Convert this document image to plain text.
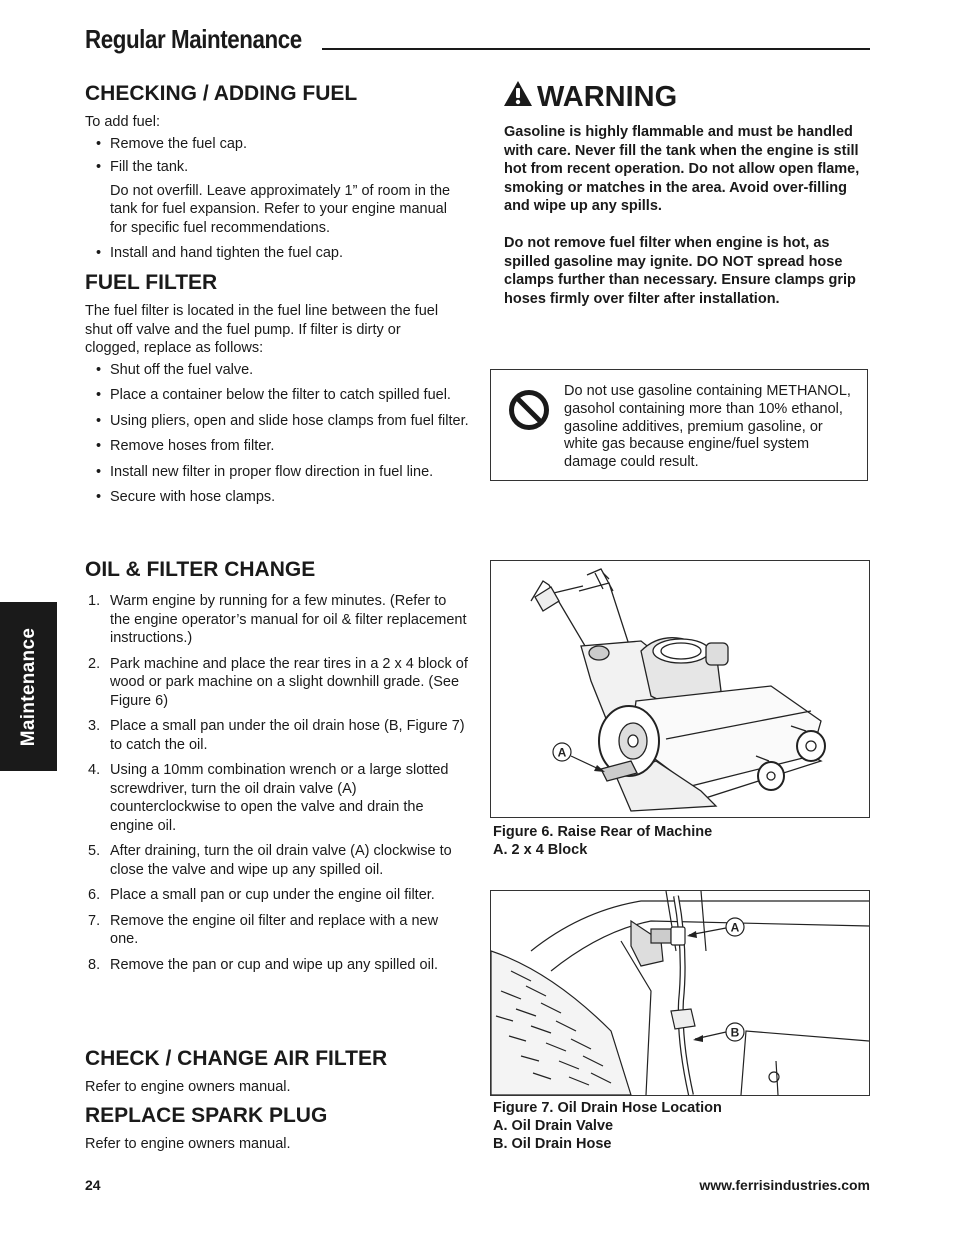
Regular Maintenance
Maintenance
CHECKING / ADDING FUEL

To add fuel:

• Remove the fuel cap.
• Fill the tank.

Do not overfill. Leave approximately 1” of room in the tank for fuel expansion. Refer to your engine manual for specific fuel recommendations.

• Install and hand tighten the fuel cap.
FUEL FILTER

The fuel filter is located in the fuel line between the fuel shut off valve and the fuel pump. If filter is dirty or clogged, replace as follows:

• Shut off the fuel valve.
• Place a container below the filter to catch spilled fuel.
• Using pliers, open and slide hose clamps from fuel filter.
• Remove hoses from filter.
• Install new filter in proper flow direction in fuel line.
• Secure with hose clamps.
OIL & FILTER CHANGE
1. Warm engine by running for a few minutes. (Refer to the engine operator’s manual for oil & filter replacement instructions.)
2. Park machine and place the rear tires in a 2 x 4 block of wood or park machine on a slight downhill grade. (See Figure 6)
3. Place a small pan under the oil drain hose (B, Figure 7) to catch the oil.
4. Using a 10mm combination wrench or a large slotted screwdriver, turn the oil drain valve (A) counterclockwise to open the valve and drain the engine oil.
5. After draining, turn the oil drain valve (A) clockwise to close the valve and wipe up any spilled oil.
6. Place a small pan or cup under the engine oil filter.
7. Remove the engine oil filter and replace with a new one.
8. Remove the pan or cup and wipe up any spilled oil.
CHECK / CHANGE AIR FILTER

Refer to engine owners manual.

REPLACE SPARK PLUG

Refer to engine owners manual.

WARNING

Gasoline is highly flammable and must be handled with care. Never fill the tank when the engine is still hot from recent operation. Do not allow open flame, smoking or matches in the area. Avoid over-filling and wipe up any spills.

Do not remove fuel filter when engine is hot, as spilled gasoline may ignite. DO NOT spread hose clamps further than necessary. Ensure clamps grip hoses firmly over filter after installation.

Do not use gasoline containing METHANOL, gasohol containing more than 10% ethanol, gasoline additives, premium gasoline, or white gas because engine/fuel system damage could result.

A
Figure 6. Raise Rear of Machine
A. 2 x 4 Block
A
B
Figure 7. Oil Drain Hose Location
A. Oil Drain Valve
B. Oil Drain Hose
24	www.ferrisindustries.com
